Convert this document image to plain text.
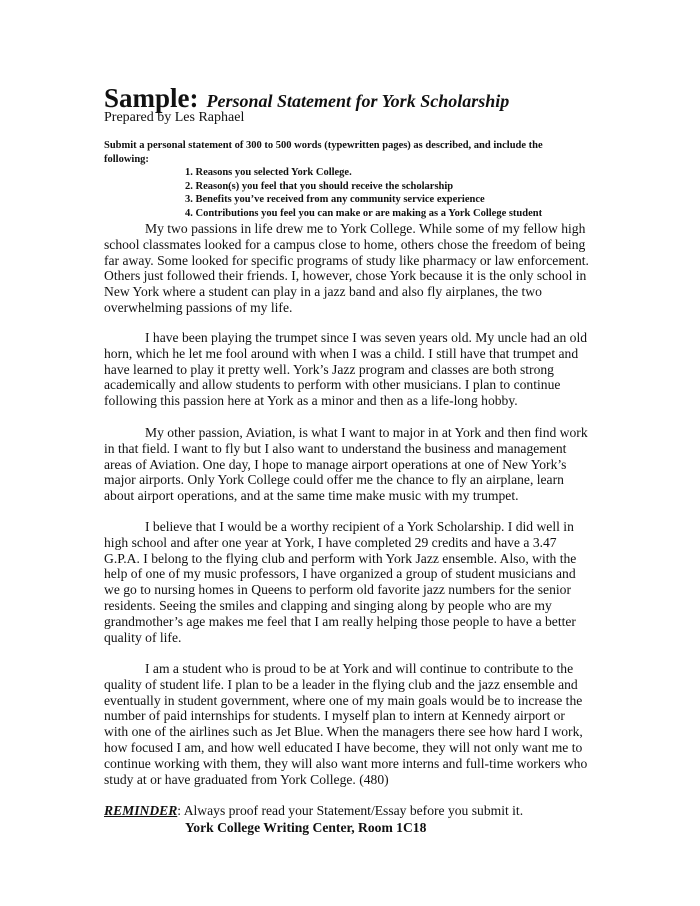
Sample: Personal Statement for York Scholarship
Prepared by Les Raphael
Submit a personal statement of 300 to 500 words (typewritten pages) as described, and include the
following:
1. Reasons you selected York College.
2. Reason(s) you feel that you should receive the scholarship
3. Benefits you’ve received from any community service experience
4. Contributions you feel you can make or are making as a York College student
My two passions in life drew me to York College. While some of my fellow high
school classmates looked for a campus close to home, others chose the freedom of being
far away. Some looked for specific programs of study like pharmacy or law enforcement.
Others just followed their friends. I, however, chose York because it is the only school in
New York where a student can play in a jazz band and also fly airplanes, the two
overwhelming passions of my life.
I have been playing the trumpet since I was seven years old. My uncle had an old
horn, which he let me fool around with when I was a child. I still have that trumpet and
have learned to play it pretty well. York’s Jazz program and classes are both strong
academically and allow students to perform with other musicians. I plan to continue
following this passion here at York as a minor and then as a life-long hobby.
My other passion, Aviation, is what I want to major in at York and then find work
in that field. I want to fly but I also want to understand the business and management
areas of Aviation. One day, I hope to manage airport operations at one of New York’s
major airports. Only York College could offer me the chance to fly an airplane, learn
about airport operations, and at the same time make music with my trumpet.
I believe that I would be a worthy recipient of a York Scholarship. I did well in
high school and after one year at York, I have completed 29 credits and have a 3.47
G.P.A. I belong to the flying club and perform with York Jazz ensemble. Also, with the
help of one of my music professors, I have organized a group of student musicians and
we go to nursing homes in Queens to perform old favorite jazz numbers for the senior
residents. Seeing the smiles and clapping and singing along by people who are my
grandmother’s age makes me feel that I am really helping those people to have a better
quality of life.
I am a student who is proud to be at York and will continue to contribute to the
quality of student life. I plan to be a leader in the flying club and the jazz ensemble and
eventually in student government, where one of my main goals would be to increase the
number of paid internships for students. I myself plan to intern at Kennedy airport or
with one of the airlines such as Jet Blue. When the managers there see how hard I work,
how focused I am, and how well educated I have become, they will not only want me to
continue working with them, they will also want more interns and full-time workers who
study at or have graduated from York College. (480)
REMINDER: Always proof read your Statement/Essay before you submit it.
York College Writing Center, Room 1C18
